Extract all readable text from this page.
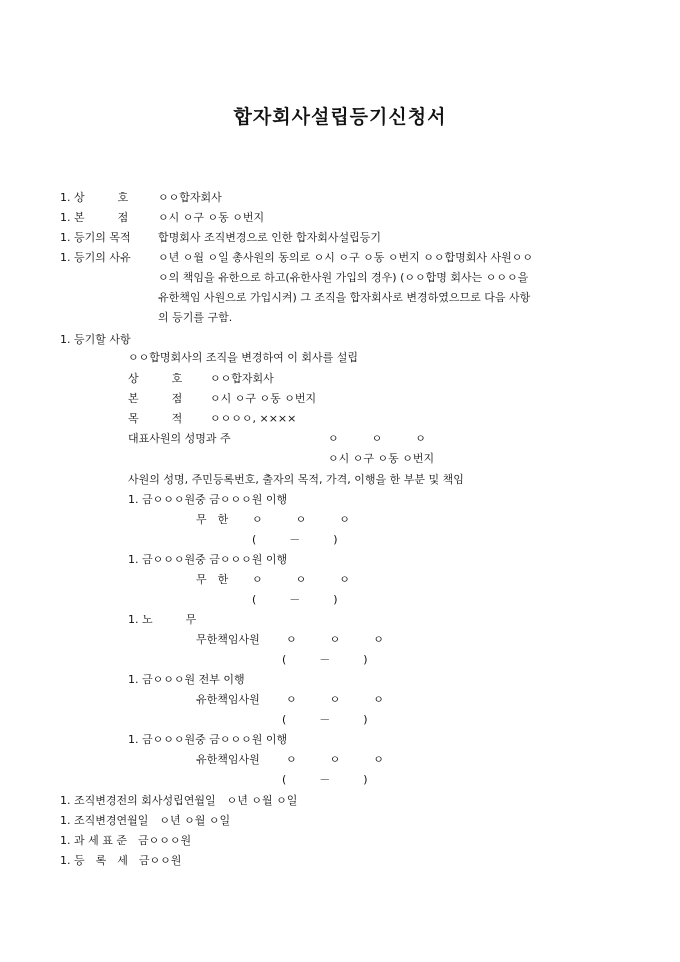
합자회사설립등기신청서
1. 상　　　호	ㅇㅇ합자회사
1. 본　　　점	ㅇ시 ㅇ구 ㅇ동 ㅇ번지
1. 등기의 목적 합명회사 조직변경으로 인한 합자회사설립등기
1. 등기의 사유 ㅇ년 ㅇ월 ㅇ일 총사원의 동의로 ㅇ시 ㅇ구 ㅇ동 ㅇ번지 ㅇㅇ합명회사 사원ㅇㅇ
ㅇ의 책임을 유한으로 하고(유한사원 가입의 경우) (ㅇㅇ합명 회사는 ㅇㅇㅇ을
유한책임 사원으로 가입시켜) 그 조직을 합자회사로 변경하였으므로 다음 사항
의 등기를 구함.
1. 등기할 사항
ㅇㅇ합명회사의 조직을 변경하여 이 회사를 설립
상　　　호	ㅇㅇ합자회사
본　　　점	ㅇ시 ㅇ구 ㅇ동 ㅇ번지
목　　　적	ㅇㅇㅇㅇ, ××××
대표사원의 성명과 주	ㅇ　　　ㅇ　　　ㅇ
ㅇ시 ㅇ구 ㅇ동 ㅇ번지
사원의 성명, 주민등록번호, 출자의 목적, 가격, 이행을 한 부분 및 책임
1. 금ㅇㅇㅇ원중 금ㅇㅇㅇ원 이행
무　한 ㅇ　　　ㅇ　　　ㅇ
(　　　－　　　)
1. 금ㅇㅇㅇ원중 금ㅇㅇㅇ원 이행
무　한 ㅇ　　　ㅇ　　　ㅇ
(　　　－　　　)
1. 노　　　무
무한책임사원 ㅇ　　　ㅇ　　　ㅇ
(　　　－　　　)
1. 금ㅇㅇㅇ원 전부 이행
유한책임사원 ㅇ　　　ㅇ　　　ㅇ
(　　　－　　　)
1. 금ㅇㅇㅇ원중 금ㅇㅇㅇ원 이행
유한책임사원 ㅇ　　　ㅇ　　　ㅇ
(　　　－　　　)
1. 조직변경전의 회사성립연월일　ㅇ년 ㅇ월 ㅇ일
1. 조직변경연월일　ㅇ년 ㅇ월 ㅇ일
1. 과 세 표 준　금ㅇㅇㅇ원
1. 등　록　세　금ㅇㅇ원
